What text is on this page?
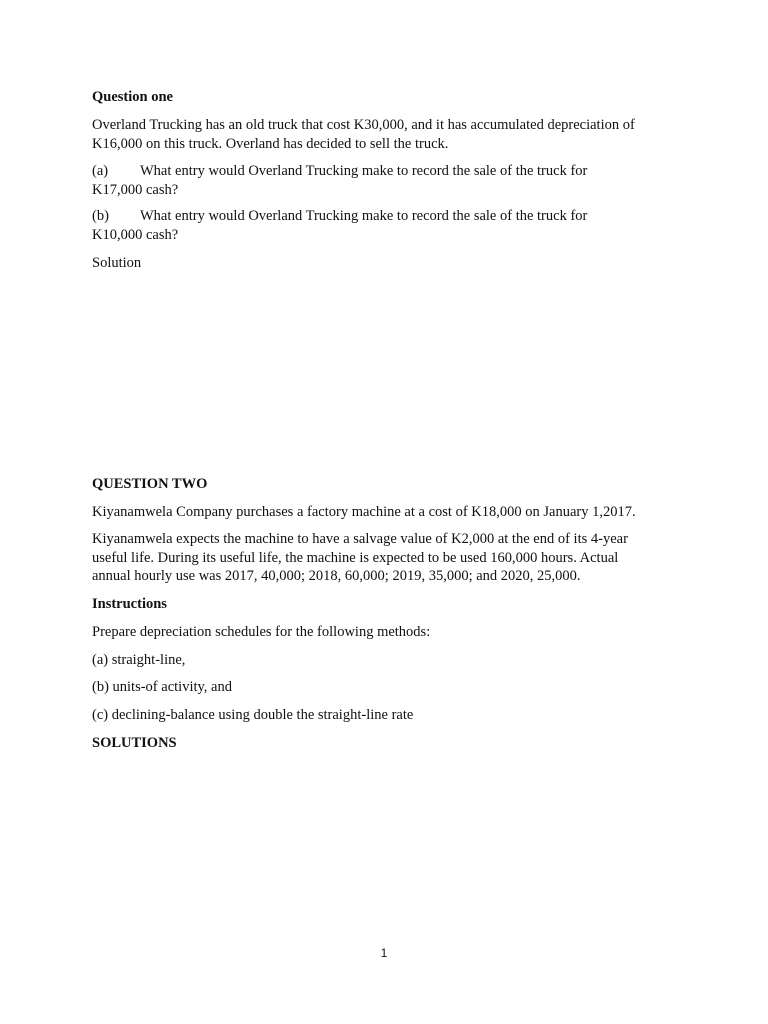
Question one

Overland Trucking has an old truck that cost K30,000, and it has accumulated depreciation of
K16,000 on this truck. Overland has decided to sell the truck.
(a) What entry would Overland Trucking make to record the sale of the truck for
K17,000 cash?
(b) What entry would Overland Trucking make to record the sale of the truck for
K10,000 cash?

Solution

QUESTION TWO

Kiyanamwela Company purchases a factory machine at a cost of K18,000 on January 1,2017.

Kiyanamwela expects the machine to have a salvage value of K2,000 at the end of its 4-year
useful life. During its useful life, the machine is expected to be used 160,000 hours. Actual
annual hourly use was 2017, 40,000; 2018, 60,000; 2019, 35,000; and 2020, 25,000.

Instructions

Prepare depreciation schedules for the following methods:

(a) straight-line,

(b) units-of activity, and

(c) declining-balance using double the straight-line rate

SOLUTIONS

1
